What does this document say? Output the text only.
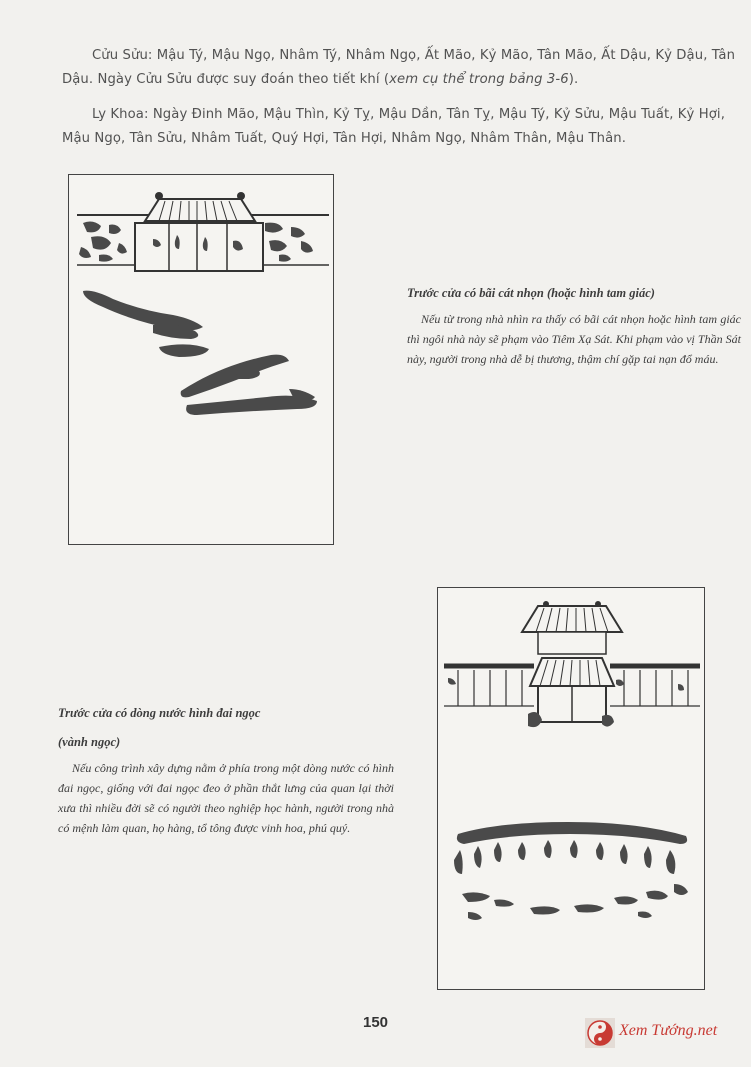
Cửu Sửu: Mậu Tý, Mậu Ngọ, Nhâm Tý, Nhâm Ngọ, Ất Mão, Kỷ Mão, Tân Mão, Ất Dậu, Kỷ Dậu, Tân Dậu. Ngày Cửu Sửu được suy đoán theo tiết khí (xem cụ thể trong bảng 3-6).

Ly Khoa: Ngày Đinh Mão, Mậu Thìn, Kỷ Tỵ, Mậu Dần, Tân Tỵ, Mậu Tý, Kỷ Sửu, Mậu Tuất, Kỷ Hợi, Mậu Ngọ, Tân Sửu, Nhâm Tuất, Quý Hợi, Tân Hợi, Nhâm Ngọ, Nhâm Thân, Mậu Thân.

Trước cửa có bãi cát nhọn (hoặc hình tam giác)

Nếu từ trong nhà nhìn ra thấy có bãi cát nhọn hoặc hình tam giác thì ngôi nhà này sẽ phạm vào Tiêm Xạ Sát. Khi phạm vào vị Thần Sát này, người trong nhà dễ bị thương, thậm chí gặp tai nạn đổ máu.

Trước cửa có dòng nước hình đai ngọc

(vành ngọc)

Nếu công trình xây dựng nằm ở phía trong một dòng nước có hình đai ngọc, giống với đai ngọc đeo ở phần thắt lưng của quan lại thời xưa thì nhiều đời sẽ có người theo nghiệp học hành, người trong nhà có mệnh làm quan, họ hàng, tổ tông được vinh hoa, phú quý.

150	Xem Tướng.net
